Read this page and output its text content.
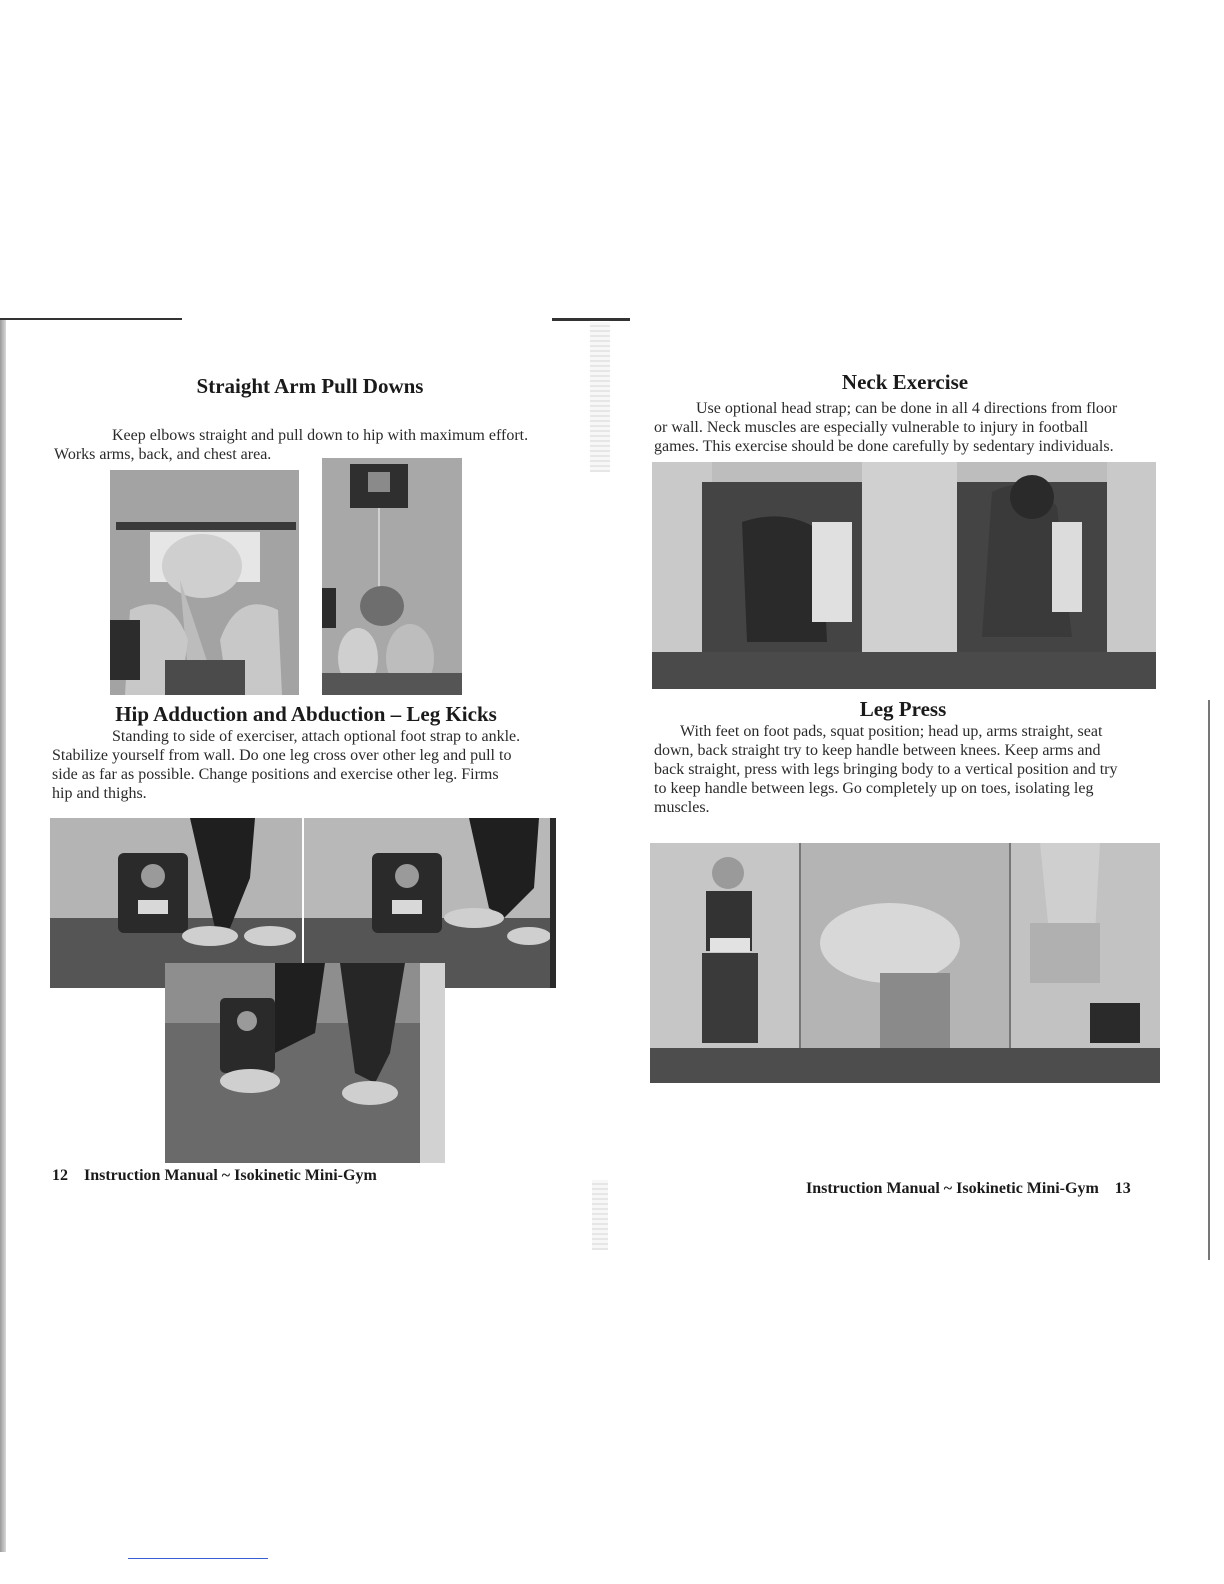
Straight Arm Pull Downs
Keep elbows straight and pull down to hip with maximum effort.
Works arms, back, and chest area.
Hip Adduction and Abduction – Leg Kicks
Standing to side of exerciser, attach optional foot strap to ankle.
Stabilize yourself from wall. Do one leg cross over other leg and pull to
side as far as possible. Change positions and exercise other leg. Firms
hip and thighs.
12 Instruction Manual ~ Isokinetic Mini-Gym
Neck Exercise
Use optional head strap; can be done in all 4 directions from floor
or wall. Neck muscles are especially vulnerable to injury in football
games. This exercise should be done carefully by sedentary individuals.
Leg Press
With feet on foot pads, squat position; head up, arms straight, seat
down, back straight try to keep handle between knees. Keep arms and
back straight, press with legs bringing body to a vertical position and try
to keep handle between legs. Go completely up on toes, isolating leg
muscles.
Instruction Manual ~ Isokinetic Mini-Gym 13
